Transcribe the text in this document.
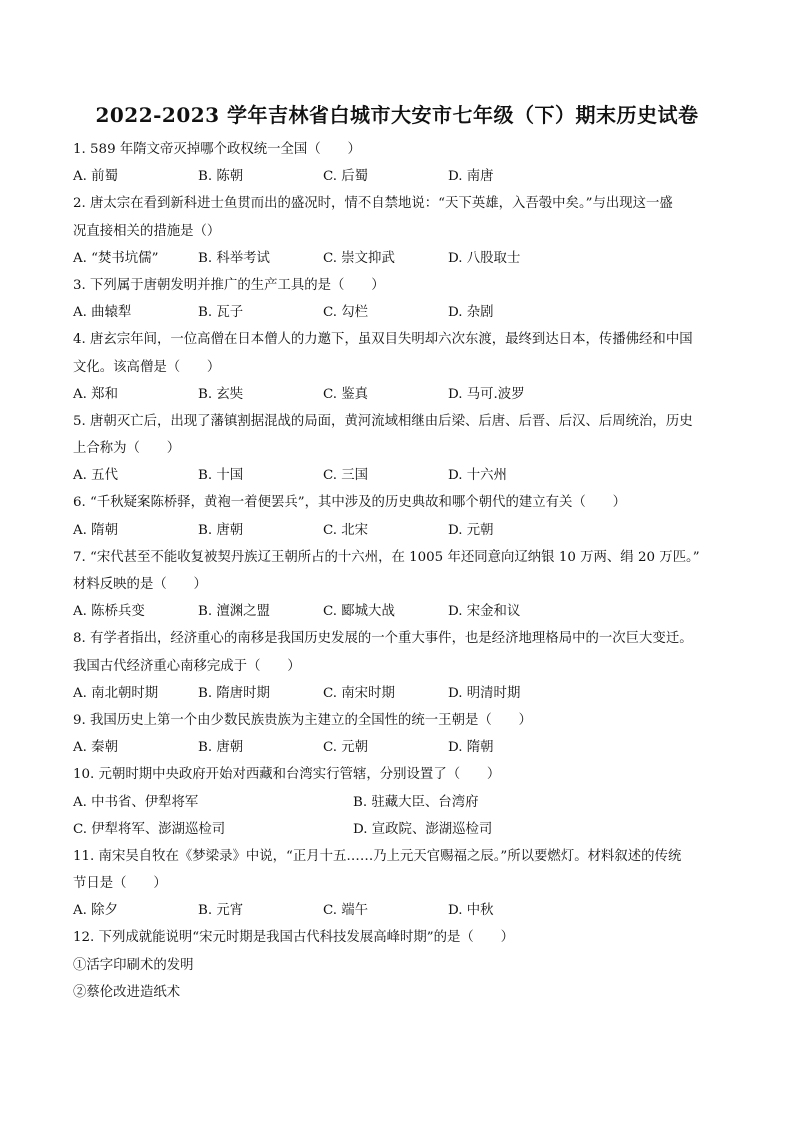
2022-2023 学年吉林省白城市大安市七年级（下）期末历史试卷
1. 589 年隋文帝灭掉哪个政权统一全国（　　）
A. 前蜀	B. 陈朝	C. 后蜀	D. 南唐
2. 唐太宗在看到新科进士鱼贯而出的盛况时，情不自禁地说：“天下英雄，入吾彀中矣。”与出现这一盛
况直接相关的措施是（）
A. “焚书坑儒”	B. 科举考试	C. 崇文抑武	D. 八股取士
3. 下列属于唐朝发明并推广的生产工具的是（　　）
A. 曲辕犁	B. 瓦子	C. 勾栏	D. 杂剧
4. 唐玄宗年间，一位高僧在日本僧人的力邀下，虽双目失明却六次东渡，最终到达日本，传播佛经和中国
文化。该高僧是（　　）
A. 郑和	B. 玄奘	C. 鉴真	D. 马可.波罗
5. 唐朝灭亡后，出现了藩镇割据混战的局面，黄河流域相继由后梁、后唐、后晋、后汉、后周统治，历史
上合称为（　　）
A. 五代	B. 十国	C. 三国	D. 十六州
6. “千秋疑案陈桥驿，黄袍一着便罢兵”，其中涉及的历史典故和哪个朝代的建立有关（　　）
A. 隋朝	B. 唐朝	C. 北宋	D. 元朝
7. “宋代甚至不能收复被契丹族辽王朝所占的十六州，在 1005 年还同意向辽纳银 10 万两、绢 20 万匹。”
材料反映的是（　　）
A. 陈桥兵变	B. 澶渊之盟	C. 郾城大战	D. 宋金和议
8. 有学者指出，经济重心的南移是我国历史发展的一个重大事件，也是经济地理格局中的一次巨大变迁。
我国古代经济重心南移完成于（　　）
A. 南北朝时期	B. 隋唐时期	C. 南宋时期	D. 明清时期
9. 我国历史上第一个由少数民族贵族为主建立的全国性的统一王朝是（　　）
A. 秦朝	B. 唐朝	C. 元朝	D. 隋朝
10. 元朝时期中央政府开始对西藏和台湾实行管辖，分别设置了（　　）
A. 中书省、伊犁将军	B. 驻藏大臣、台湾府
C. 伊犁将军、澎湖巡检司	D. 宣政院、澎湖巡检司
11. 南宋吴自牧在《梦梁录》中说，“正月十五……乃上元天官赐福之辰。”所以要燃灯。材料叙述的传统
节日是（　　）
A. 除夕	B. 元宵	C. 端午	D. 中秋
12. 下列成就能说明“宋元时期是我国古代科技发展高峰时期”的是（　　）
①活字印刷术的发明
②蔡伦改进造纸术
